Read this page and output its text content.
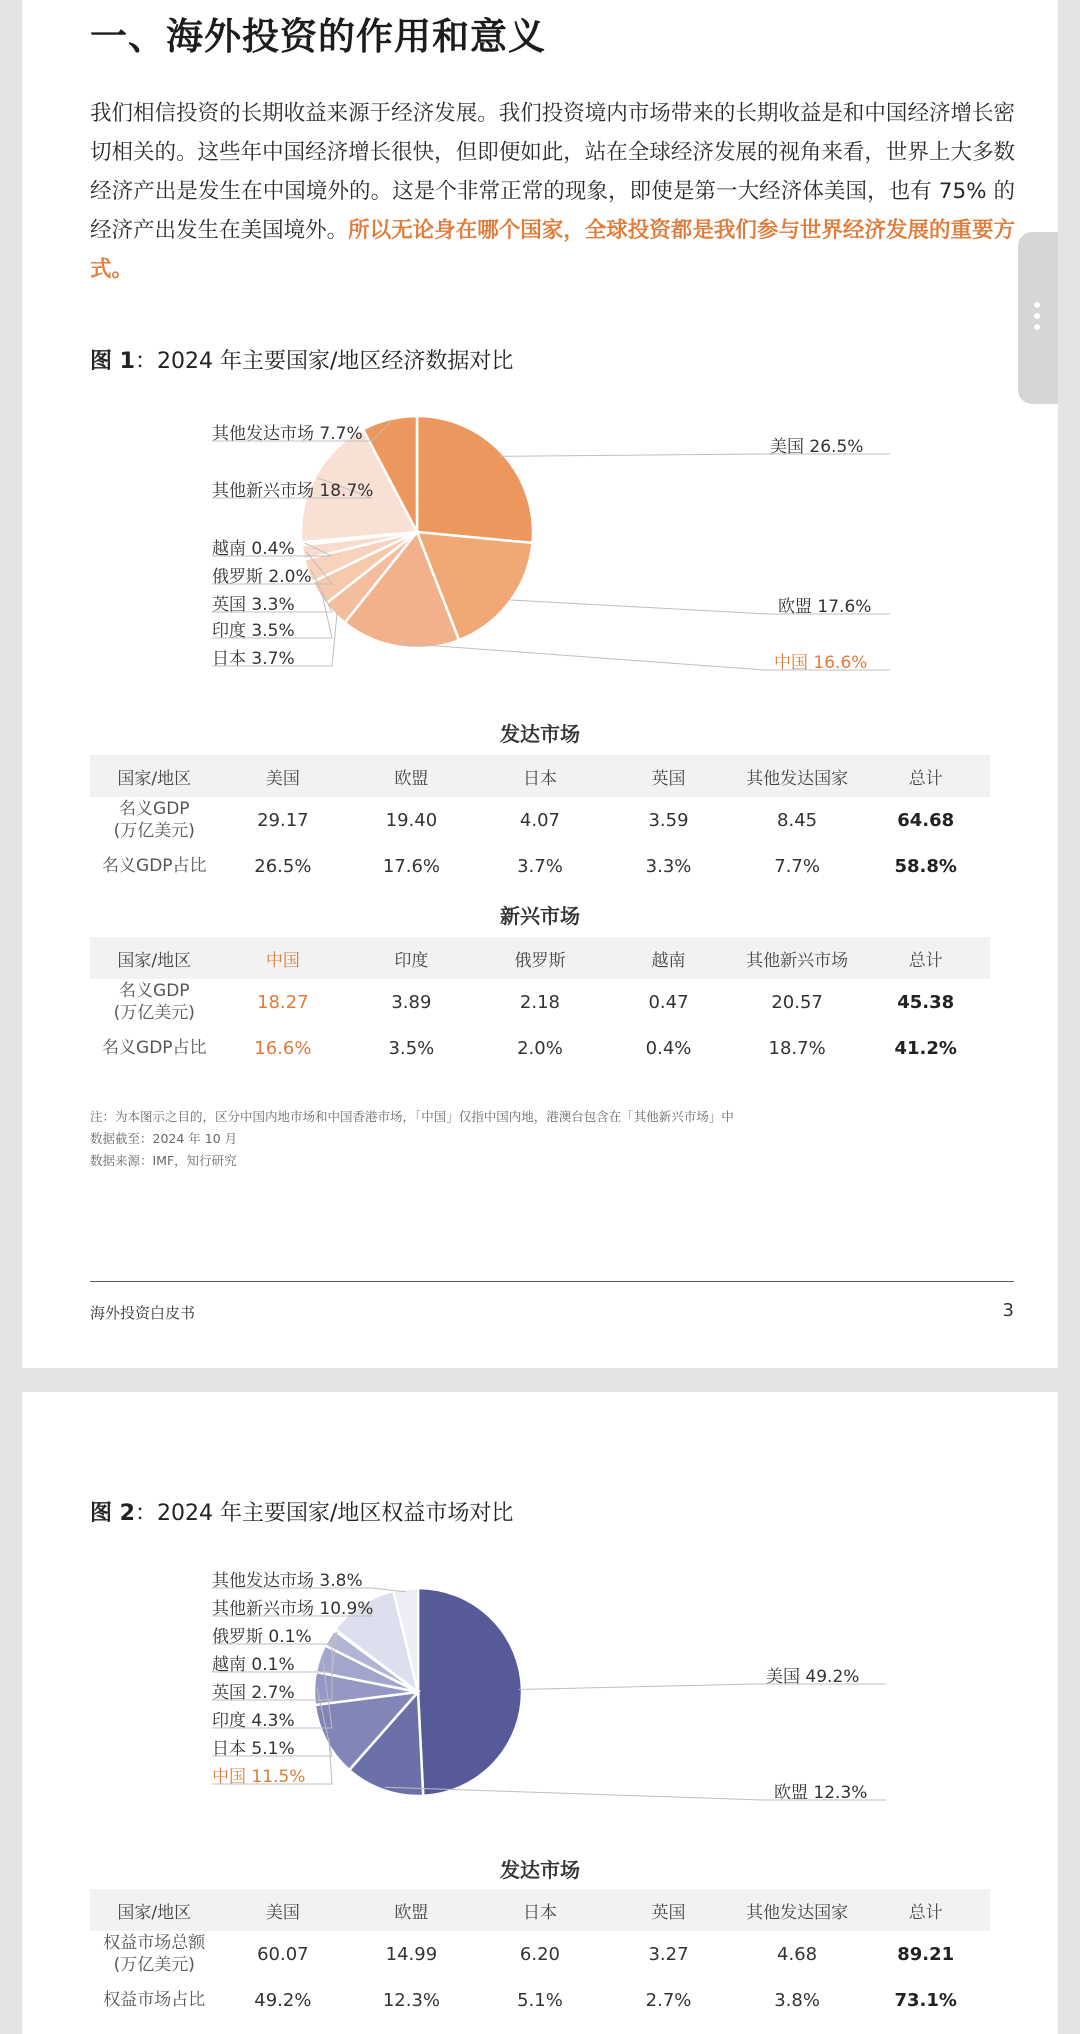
一、海外投资的作用和意义
我们相信投资的长期收益来源于经济发展。我们投资境内市场带来的长期收益是和中国经济增长密切相关的。这些年中国经济增长很快，但即便如此，站在全球经济发展的视角来看，世界上大多数经济产出是发生在中国境外的。这是个非常正常的现象，即使是第一大经济体美国，也有 75% 的经济产出发生在美国境外。所以无论身在哪个国家，全球投资都是我们参与世界经济发展的重要方式。
图 1：2024 年主要国家/地区经济数据对比
美国 26.5%
欧盟 17.6%
中国 16.6%
日本 3.7%
印度 3.5%
英国 3.3%
俄罗斯 2.0%
越南 0.4%
其他新兴市场 18.7%
其他发达市场 7.7%
发达市场
国家/地区	美国	欧盟	日本	英国	其他发达国家	总计
名义GDP
(万亿美元)	29.17	19.40	4.07	3.59	8.45	64.68
名义GDP占比	26.5%	17.6%	3.7%	3.3%	7.7%	58.8%
新兴市场
国家/地区	中国	印度	俄罗斯	越南	其他新兴市场	总计
名义GDP
(万亿美元)	18.27	3.89	2.18	0.47	20.57	45.38
名义GDP占比	16.6%	3.5%	2.0%	0.4%	18.7%	41.2%
注：为本图示之目的，区分中国内地市场和中国香港市场，「中国」仅指中国内地，港澳台包含在「其他新兴市场」中
数据截至：2024 年 10 月
数据来源：IMF，知行研究
海外投资白皮书	3
图 2：2024 年主要国家/地区权益市场对比
美国 49.2%
欧盟 12.3%
中国 11.5%
日本 5.1%
印度 4.3%
英国 2.7%
越南 0.1%
俄罗斯 0.1%
其他新兴市场 10.9%
其他发达市场 3.8%
发达市场
国家/地区	美国	欧盟	日本	英国	其他发达国家	总计
权益市场总额
(万亿美元)	60.07	14.99	6.20	3.27	4.68	89.21
权益市场占比	49.2%	12.3%	5.1%	2.7%	3.8%	73.1%
